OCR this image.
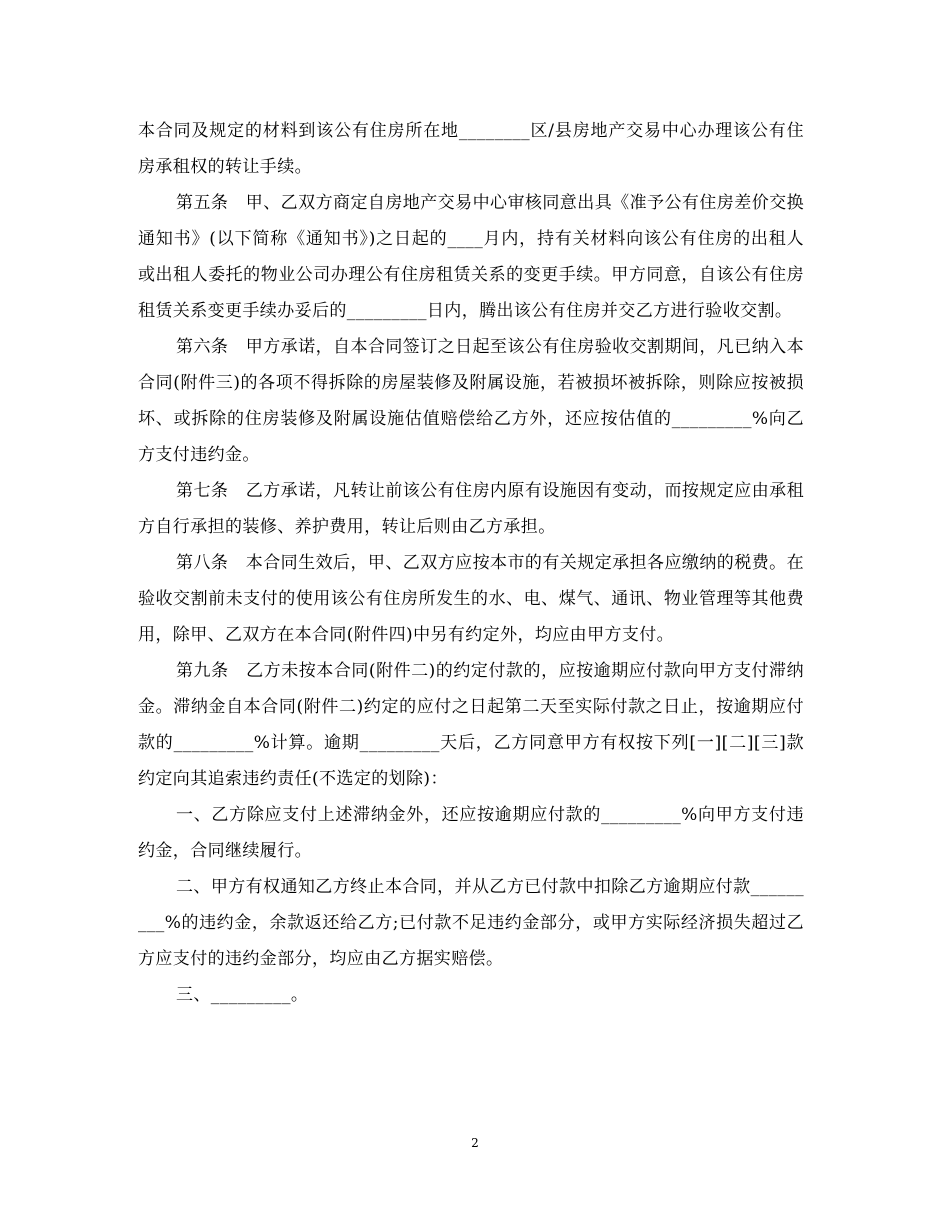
本合同及规定的材料到该公有住房所在地________区/县房地产交易中心办理该公有住房承租权的转让手续。

第五条　甲、乙双方商定自房地产交易中心审核同意出具《准予公有住房差价交换通知书》(以下简称《通知书》)之日起的____月内，持有关材料向该公有住房的出租人或出租人委托的物业公司办理公有住房租赁关系的变更手续。甲方同意，自该公有住房租赁关系变更手续办妥后的_________日内，腾出该公有住房并交乙方进行验收交割。

第六条　甲方承诺，自本合同签订之日起至该公有住房验收交割期间，凡已纳入本合同(附件三)的各项不得拆除的房屋装修及附属设施，若被损坏被拆除，则除应按被损坏、或拆除的住房装修及附属设施估值赔偿给乙方外，还应按估值的_________%向乙方支付违约金。

第七条　乙方承诺，凡转让前该公有住房内原有设施因有变动，而按规定应由承租方自行承担的装修、养护费用，转让后则由乙方承担。

第八条　本合同生效后，甲、乙双方应按本市的有关规定承担各应缴纳的税费。在验收交割前未支付的使用该公有住房所发生的水、电、煤气、通讯、物业管理等其他费用，除甲、乙双方在本合同(附件四)中另有约定外，均应由甲方支付。

第九条　乙方未按本合同(附件二)的约定付款的，应按逾期应付款向甲方支付滞纳金。滞纳金自本合同(附件二)约定的应付之日起第二天至实际付款之日止，按逾期应付款的_________%计算。逾期_________天后，乙方同意甲方有权按下列[一][二][三]款约定向其追索违约责任(不选定的划除)：

一、乙方除应支付上述滞纳金外，还应按逾期应付款的_________%向甲方支付违约金，合同继续履行。

二、甲方有权通知乙方终止本合同，并从乙方已付款中扣除乙方逾期应付款_________%的违约金，余款返还给乙方;已付款不足违约金部分，或甲方实际经济损失超过乙方应支付的违约金部分，均应由乙方据实赔偿。

三、_________。

2
